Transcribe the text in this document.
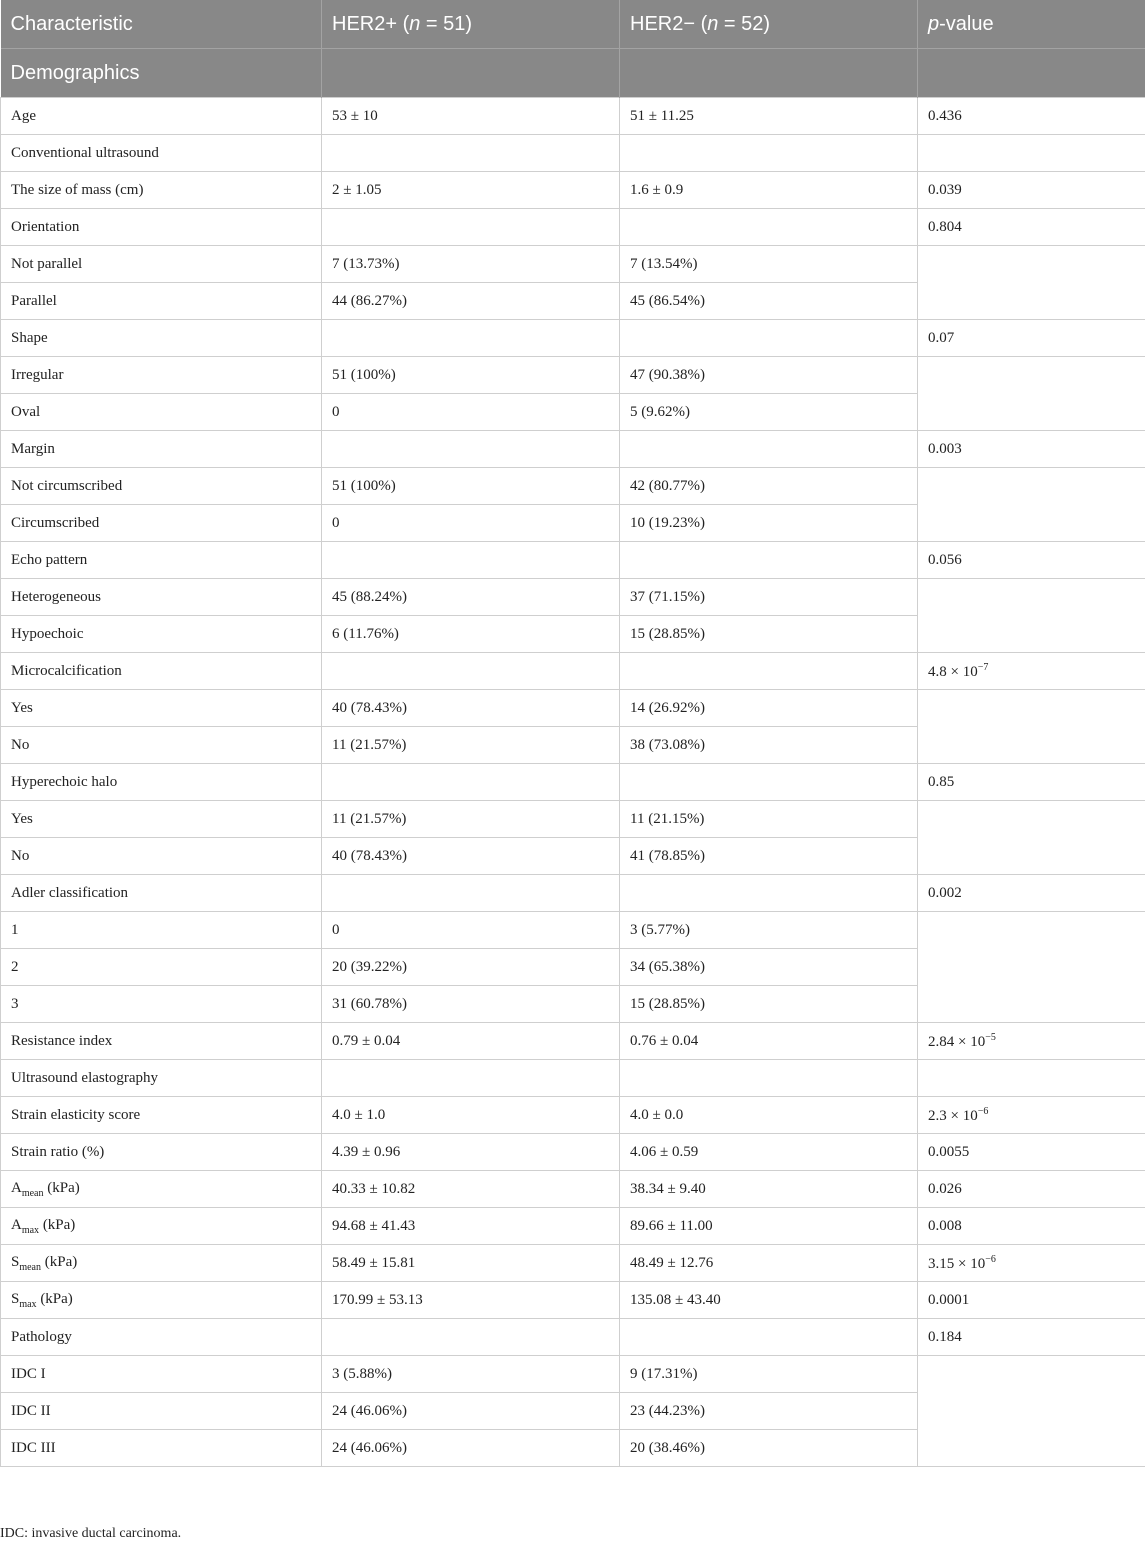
Characteristic	HER2+ (n = 51)	HER2− (n = 52)	p-value
Demographics			
Age	53 ± 10	51 ± 11.25	0.436
Conventional ultrasound			
The size of mass (cm)	2 ± 1.05	1.6 ± 0.9	0.039
Orientation			0.804
Not parallel	7 (13.73%)	7 (13.54%)	
Parallel	44 (86.27%)	45 (86.54%)	
Shape			0.07
Irregular	51 (100%)	47 (90.38%)	
Oval	0	5 (9.62%)	
Margin			0.003
Not circumscribed	51 (100%)	42 (80.77%)	
Circumscribed	0	10 (19.23%)	
Echo pattern			0.056
Heterogeneous	45 (88.24%)	37 (71.15%)	
Hypoechoic	6 (11.76%)	15 (28.85%)	
Microcalcification			$4.8 \times 10^{-7}$
Yes	40 (78.43%)	14 (26.92%)	
No	11 (21.57%)	38 (73.08%)	
Hyperechoic halo			0.85
Yes	11 (21.57%)	11 (21.15%)	
No	40 (78.43%)	41 (78.85%)	
Adler classification			0.002
1	0	3 (5.77%)	
2	20 (39.22%)	34 (65.38%)	
3	31 (60.78%)	15 (28.85%)	
Resistance index	0.79 ± 0.04	0.76 ± 0.04	$2.84 \times 10^{-5}$
Ultrasound elastography			
Strain elasticity score	4.0 ± 1.0	4.0 ± 0.0	$2.3 \times 10^{-6}$
Strain ratio (%)	4.39 ± 0.96	4.06 ± 0.59	0.0055
$A_{mean}$ (kPa)	40.33 ± 10.82	38.34 ± 9.40	0.026
$A_{max}$ (kPa)	94.68 ± 41.43	89.66 ± 11.00	0.008
$S_{mean}$ (kPa)	58.49 ± 15.81	48.49 ± 12.76	$3.15 \times 10^{-6}$
$S_{max}$ (kPa)	170.99 ± 53.13	135.08 ± 43.40	0.0001
Pathology			0.184
IDC I	3 (5.88%)	9 (17.31%)	
IDC II	24 (46.06%)	23 (44.23%)	
IDC III	24 (46.06%)	20 (38.46%)	
IDC: invasive ductal carcinoma.
